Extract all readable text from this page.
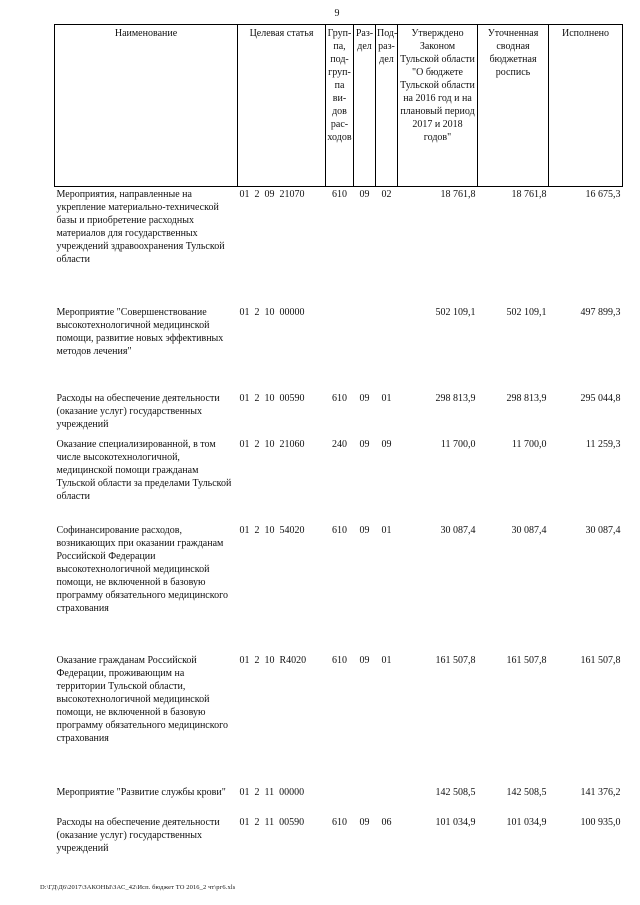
9
Наименование	Целевая статья	Груп-па, под-груп-па ви-дов рас-ходов	Раз-дел	Под-раз-дел	Утверждено Законом Тульской области "О бюджете Тульской области на 2016 год и на плановый период 2017 и 2018 годов"	Уточненная сводная бюджетная роспись	Исполнено
Мероприятия, направленные на укрепление материально-технической базы и приобретение расходных материалов для государственных учреждений здравоохранения Тульской области	01  2  09  21070	610	09	02	18 761,8	18 761,8	16 675,3
Мероприятие "Совершенствование высокотехнологичной медицинской помощи, развитие новых эффективных методов лечения"	01  2  10  00000				502 109,1	502 109,1	497 899,3
Расходы на обеспечение деятельности (оказание услуг) государственных учреждений	01  2  10  00590	610	09	01	298 813,9	298 813,9	295 044,8
Оказание специализированной, в том числе высокотехнологичной, медицинской помощи гражданам Тульской области за пределами Тульской области	01  2  10  21060	240	09	09	11 700,0	11 700,0	11 259,3
Софинансирование расходов, возникающих при оказании гражданам Российской Федерации высокотехнологичной медицинской помощи, не включенной в базовую программу обязательного медицинского страхования	01  2  10  54020	610	09	01	30 087,4	30 087,4	30 087,4
Оказание гражданам Российской Федерации, проживающим на территории Тульской области, высокотехнологичной медицинской помощи, не включенной в базовую программу обязательного медицинского страхования	01  2  10  R4020	610	09	01	161 507,8	161 507,8	161 507,8
Мероприятие "Развитие службы крови"	01  2  11  00000				142 508,5	142 508,5	141 376,2
Расходы на обеспечение деятельности (оказание услуг) государственных учреждений	01  2  11  00590	610	09	06	101 034,9	101 034,9	100 935,0
D:\ГД\Д6\2017\ЗАКОНЫ\ЗАС_42\Исп. бюджет ТО 2016_2 чт\рг6.xls
